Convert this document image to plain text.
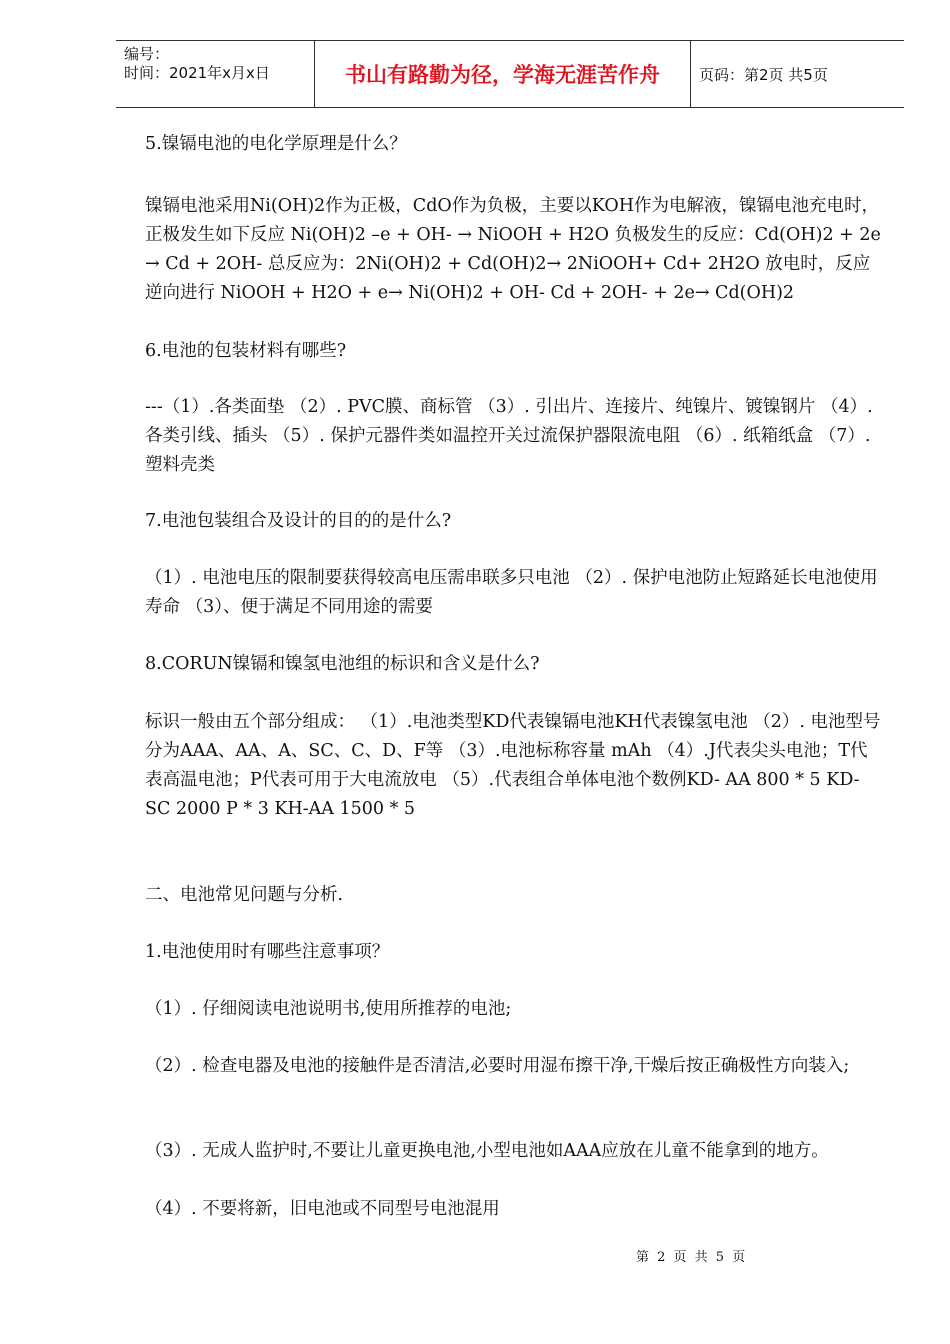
编号：
时间：2021年x月x日	书山有路勤为径，学海无涯苦作舟	页码：第2页 共5页

5.镍镉电池的电化学原理是什么？

镍镉电池采用Ni(OH)2作为正极，CdO作为负极，主要以KOH作为电解液，镍镉电池充电时，正极发生如下反应 Ni(OH)2 –e + OH- → NiOOH + H2O 负极发生的反应：Cd(OH)2 + 2e → Cd + 2OH- 总反应为：2Ni(OH)2 + Cd(OH)2→ 2NiOOH+ Cd+ 2H2O 放电时，反应逆向进行 NiOOH + H2O + e→ Ni(OH)2 + OH- Cd + 2OH- + 2e→ Cd(OH)2

6.电池的包装材料有哪些?

---（1）.各类面垫 （2）. PVC膜、商标管 （3）. 引出片、连接片、纯镍片、镀镍钢片 （4）. 各类引线、插头 （5）. 保护元器件类如温控开关过流保护器限流电阻 （6）. 纸箱纸盒 （7）. 塑料壳类

7.电池包装组合及设计的目的的是什么?

（1）. 电池电压的限制要获得较高电压需串联多只电池 （2）. 保护电池防止短路延长电池使用寿命 （3）、便于满足不同用途的需要

8.CORUN镍镉和镍氢电池组的标识和含义是什么?

标识一般由五个部分组成： （1）.电池类型KD代表镍镉电池KH代表镍氢电池 （2）. 电池型号分为AAA、AA、A、SC、C、D、F等 （3）.电池标称容量 mAh （4）.J代表尖头电池；T代表高温电池；P代表可用于大电流放电 （5）.代表组合单体电池个数例KD- AA 800 * 5 KD- SC 2000 P * 3 KH-AA 1500 * 5

二、电池常见问题与分析.

1.电池使用时有哪些注意事项？

（1）. 仔细阅读电池说明书,使用所推荐的电池;

（2）. 检查电器及电池的接触件是否清洁,必要时用湿布擦干净,干燥后按正确极性方向装入;

（3）. 无成人监护时,不要让儿童更换电池,小型电池如AAA应放在儿童不能拿到的地方。

（4）. 不要将新，旧电池或不同型号电池混用

第 2 页 共 5 页
